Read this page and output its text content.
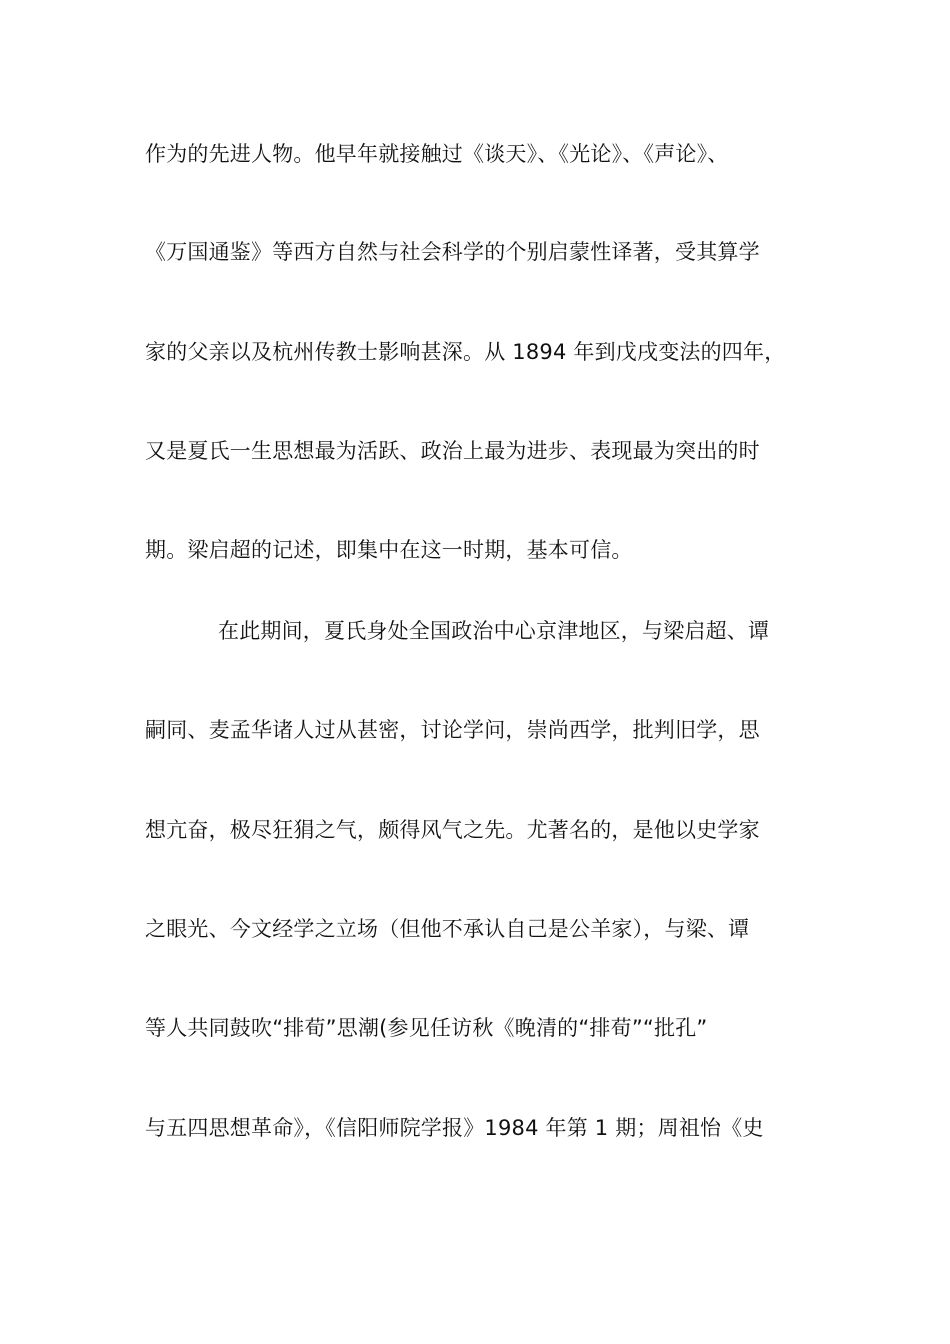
作为的先进人物。他早年就接触过《谈天》、《光论》、《声论》、
《万国通鉴》等西方自然与社会科学的个别启蒙性译著，受其算学
家的父亲以及杭州传教士影响甚深。从 1894 年到戊戌变法的四年，
又是夏氏一生思想最为活跃、政治上最为进步、表现最为突出的时
期。梁启超的记述，即集中在这一时期，基本可信。
在此期间，夏氏身处全国政治中心京津地区，与梁启超、谭
嗣同、麦孟华诸人过从甚密，讨论学问，崇尚西学，批判旧学，思
想亢奋，极尽狂狷之气，颇得风气之先。尤著名的，是他以史学家
之眼光、今文经学之立场（但他不承认自己是公羊家），与梁、谭
等人共同鼓吹“排荀”思潮(参见任访秋《晚清的“排荀”“批孔”
与五四思想革命》，《信阳师院学报》1984 年第 1 期；周祖怡《史
